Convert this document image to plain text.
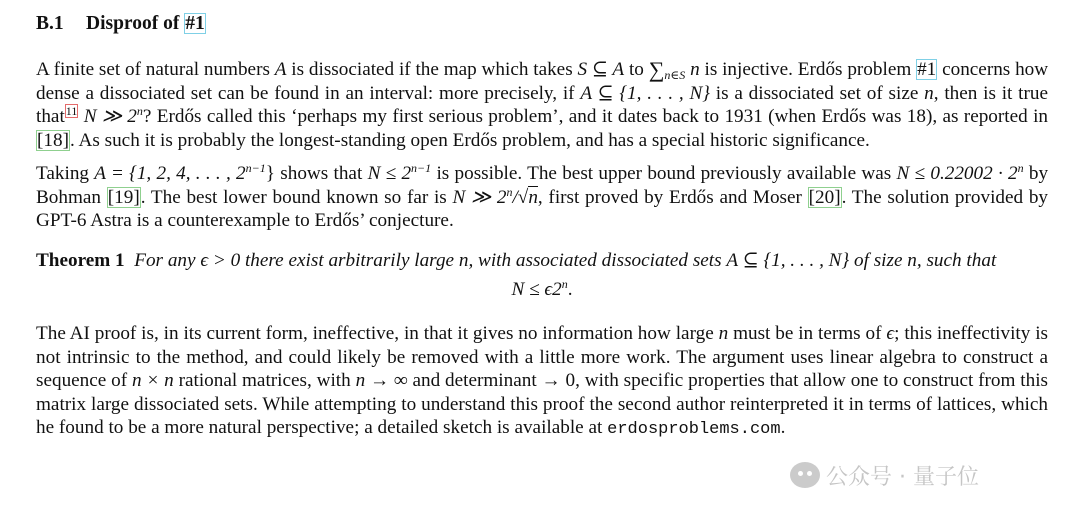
B.1 Disproof of #1

A finite set of natural numbers A is dissociated if the map which takes S ⊆ A to $\sum_{n\in S}$ n is injective. Erdős problem #1 concerns how dense a dissociated set can be found in an interval: more precisely, if A ⊆ {1, . . . , N} is a dissociated set of size n, then is it true that$^{11}$ N ≫ 2$^n$? Erdős called this ‘perhaps my first serious problem’, and it dates back to 1931 (when Erdős was 18), as reported in [18]. As such it is probably the longest-standing open Erdős problem, and has a special historic significance.

Taking A = {1, 2, 4, . . . , $2^{n-1}$} shows that $N \le 2^{n-1}$ is possible. The best upper bound previously available was $N \le 0.22002 \cdot 2^n$ by Bohman [19]. The best lower bound known so far is N ≫ 2$^n$/√n, first proved by Erdős and Moser [20]. The solution provided by GPT-6 Astra is a counterexample to Erdős’ conjecture.

Theorem 1 For any ϵ > 0 there exist arbitrarily large n, with associated dissociated sets A ⊆ {1, . . . , N} of size n, such that

$N \le \epsilon 2^n$.

The AI proof is, in its current form, ineffective, in that it gives no information how large n must be in terms of ϵ; this ineffectivity is not intrinsic to the method, and could likely be removed with a little more work. The argument uses linear algebra to construct a sequence of n × n rational matrices, with n → ∞ and determinant → 0, with specific properties that allow one to construct from this matrix large dissociated sets. While attempting to understand this proof the second author reinterpreted it in terms of lattices, which he found to be a more natural perspective; a detailed sketch is available at erdosproblems.com.

公众号 · 量子位
